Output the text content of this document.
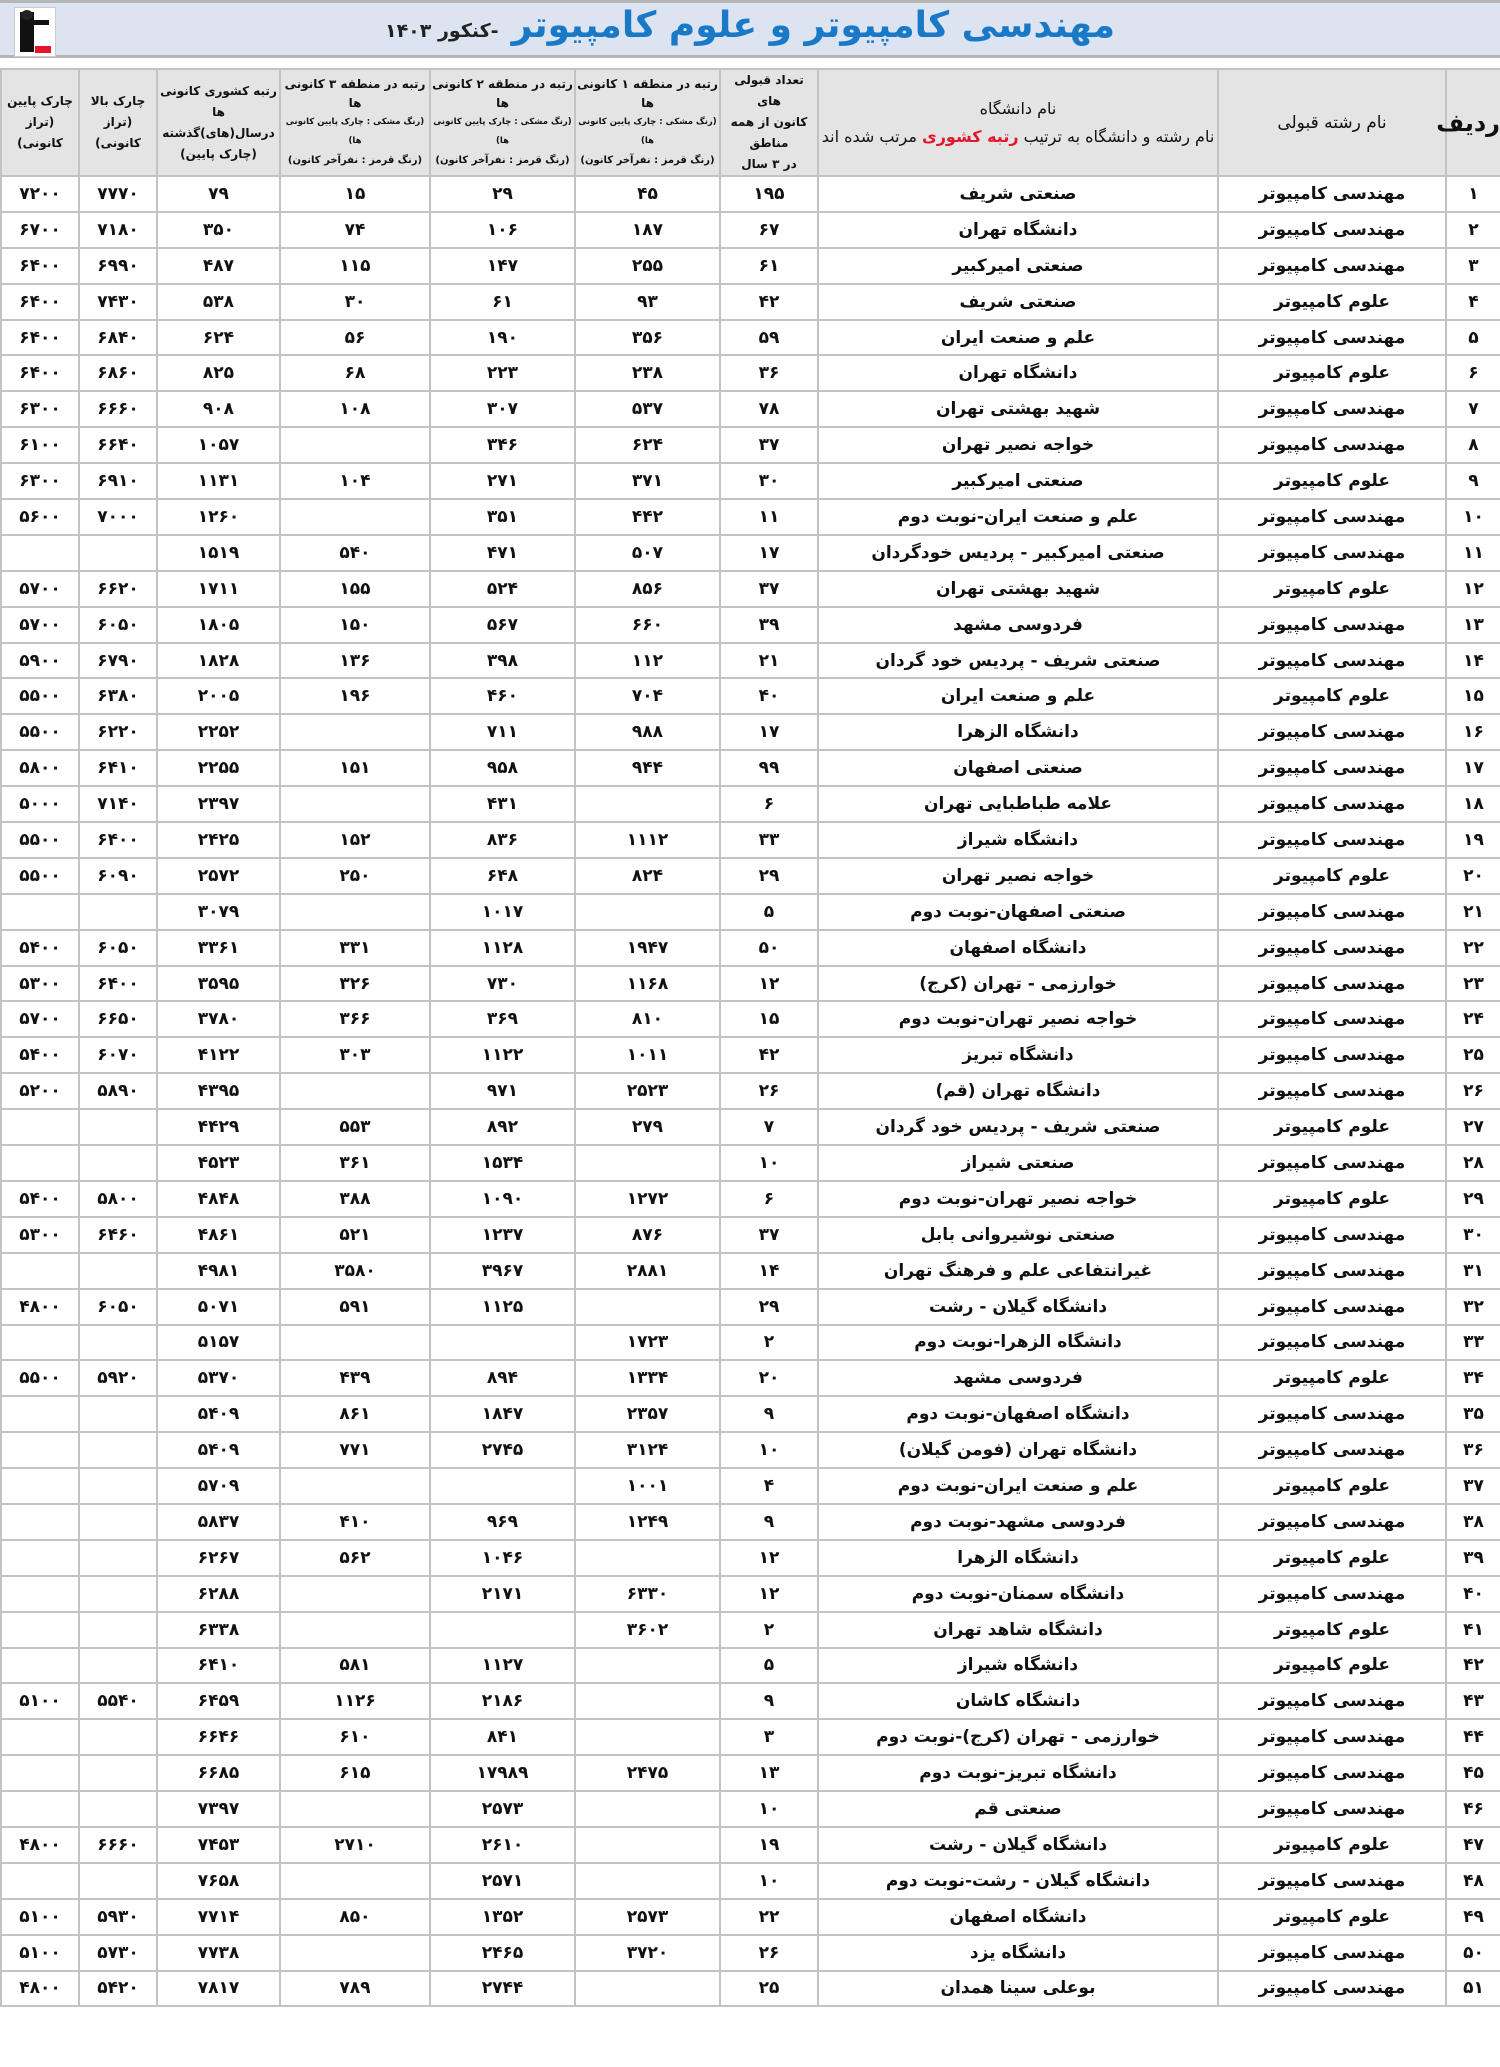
مهندسی کامپیوتر و علوم کامپیوتر -کنکور ۱۴۰۳
ردیف	نام رشته قبولی	
نام دانشگاه
نام رشته و دانشگاه به ترتیب رتبه کشوری مرتب شده اند

تعداد قبولی های
کانون از همه مناطق
در ۳ سال

رتبه در منطقه ۱ کانونی ها
(رنگ مشکی : چارک پایین کانونی ها)
(رنگ قرمز : نفرآخر کانون)

رتبه در منطقه ۲ کانونی ها
(رنگ مشکی : چارک پایین کانونی ها)
(رنگ قرمز : نفرآخر کانون)

رتبه در منطقه ۳ کانونی ها
(رنگ مشکی : چارک پایین کانونی ها)
(رنگ قرمز : نفرآخر کانون)

رتبه کشوری کانونی ها
درسال(های)گذشته
(چارک پایین)

چارک بالا
(تراز کانونی)

چارک پایین
(تراز کانونی)

۱	مهندسی کامپیوتر	صنعتی شریف	۱۹۵	۴۵	۲۹	۱۵	۷۹	۷۷۷۰	۷۲۰۰
۲	مهندسی کامپیوتر	دانشگاه تهران	۶۷	۱۸۷	۱۰۶	۷۴	۳۵۰	۷۱۸۰	۶۷۰۰
۳	مهندسی کامپیوتر	صنعتی امیرکبیر	۶۱	۲۵۵	۱۴۷	۱۱۵	۴۸۷	۶۹۹۰	۶۴۰۰
۴	علوم کامپیوتر	صنعتی شریف	۴۲	۹۳	۶۱	۳۰	۵۳۸	۷۴۳۰	۶۴۰۰
۵	مهندسی کامپیوتر	علم و صنعت ایران	۵۹	۳۵۶	۱۹۰	۵۶	۶۲۴	۶۸۴۰	۶۴۰۰
۶	علوم کامپیوتر	دانشگاه تهران	۳۶	۲۳۸	۲۲۳	۶۸	۸۲۵	۶۸۶۰	۶۴۰۰
۷	مهندسی کامپیوتر	شهید بهشتی تهران	۷۸	۵۳۷	۳۰۷	۱۰۸	۹۰۸	۶۶۶۰	۶۳۰۰
۸	مهندسی کامپیوتر	خواجه نصیر تهران	۳۷	۶۲۴	۳۴۶		۱۰۵۷	۶۶۴۰	۶۱۰۰
۹	علوم کامپیوتر	صنعتی امیرکبیر	۳۰	۳۷۱	۲۷۱	۱۰۴	۱۱۳۱	۶۹۱۰	۶۳۰۰
۱۰	مهندسی کامپیوتر	علم و صنعت ایران-نوبت دوم	۱۱	۴۴۲	۳۵۱		۱۲۶۰	۷۰۰۰	۵۶۰۰
۱۱	مهندسی کامپیوتر	صنعتی امیرکبیر - پردیس خودگردان	۱۷	۵۰۷	۴۷۱	۵۴۰	۱۵۱۹		
۱۲	علوم کامپیوتر	شهید بهشتی تهران	۳۷	۸۵۶	۵۲۴	۱۵۵	۱۷۱۱	۶۶۲۰	۵۷۰۰
۱۳	مهندسی کامپیوتر	فردوسی مشهد	۳۹	۶۶۰	۵۶۷	۱۵۰	۱۸۰۵	۶۰۵۰	۵۷۰۰
۱۴	مهندسی کامپیوتر	صنعتی شریف - پردیس خود گردان	۲۱	۱۱۲	۳۹۸	۱۳۶	۱۸۲۸	۶۷۹۰	۵۹۰۰
۱۵	علوم کامپیوتر	علم و صنعت ایران	۴۰	۷۰۴	۴۶۰	۱۹۶	۲۰۰۵	۶۳۸۰	۵۵۰۰
۱۶	مهندسی کامپیوتر	دانشگاه الزهرا	۱۷	۹۸۸	۷۱۱		۲۲۵۲	۶۲۲۰	۵۵۰۰
۱۷	مهندسی کامپیوتر	صنعتی اصفهان	۹۹	۹۴۴	۹۵۸	۱۵۱	۲۲۵۵	۶۴۱۰	۵۸۰۰
۱۸	مهندسی کامپیوتر	علامه طباطبایی تهران	۶		۴۳۱		۲۳۹۷	۷۱۴۰	۵۰۰۰
۱۹	مهندسی کامپیوتر	دانشگاه شیراز	۳۳	۱۱۱۲	۸۳۶	۱۵۲	۲۴۲۵	۶۴۰۰	۵۵۰۰
۲۰	علوم کامپیوتر	خواجه نصیر تهران	۲۹	۸۲۴	۶۴۸	۲۵۰	۲۵۷۲	۶۰۹۰	۵۵۰۰
۲۱	مهندسی کامپیوتر	صنعتی اصفهان-نوبت دوم	۵		۱۰۱۷		۳۰۷۹		
۲۲	مهندسی کامپیوتر	دانشگاه اصفهان	۵۰	۱۹۴۷	۱۱۲۸	۳۳۱	۳۳۶۱	۶۰۵۰	۵۴۰۰
۲۳	مهندسی کامپیوتر	خوارزمی - تهران (کرج)	۱۲	۱۱۶۸	۷۳۰	۳۲۶	۳۵۹۵	۶۴۰۰	۵۳۰۰
۲۴	مهندسی کامپیوتر	خواجه نصیر تهران-نوبت دوم	۱۵	۸۱۰	۳۶۹	۳۶۶	۳۷۸۰	۶۶۵۰	۵۷۰۰
۲۵	مهندسی کامپیوتر	دانشگاه تبریز	۴۲	۱۰۱۱	۱۱۲۲	۳۰۳	۴۱۲۲	۶۰۷۰	۵۴۰۰
۲۶	مهندسی کامپیوتر	دانشگاه تهران (قم)	۲۶	۲۵۲۳	۹۷۱		۴۳۹۵	۵۸۹۰	۵۲۰۰
۲۷	علوم کامپیوتر	صنعتی شریف - پردیس خود گردان	۷	۲۷۹	۸۹۲	۵۵۳	۴۴۲۹		
۲۸	مهندسی کامپیوتر	صنعتی شیراز	۱۰		۱۵۳۴	۳۶۱	۴۵۲۳		
۲۹	علوم کامپیوتر	خواجه نصیر تهران-نوبت دوم	۶	۱۲۷۲	۱۰۹۰	۳۸۸	۴۸۴۸	۵۸۰۰	۵۴۰۰
۳۰	مهندسی کامپیوتر	صنعتی نوشیروانی بابل	۳۷	۸۷۶	۱۲۳۷	۵۲۱	۴۸۶۱	۶۴۶۰	۵۳۰۰
۳۱	مهندسی کامپیوتر	غیرانتفاعی علم و فرهنگ تهران	۱۴	۲۸۸۱	۳۹۶۷	۳۵۸۰	۴۹۸۱		
۳۲	مهندسی کامپیوتر	دانشگاه گیلان - رشت	۲۹		۱۱۲۵	۵۹۱	۵۰۷۱	۶۰۵۰	۴۸۰۰
۳۳	مهندسی کامپیوتر	دانشگاه الزهرا-نوبت دوم	۲	۱۷۲۳			۵۱۵۷		
۳۴	علوم کامپیوتر	فردوسی مشهد	۲۰	۱۳۳۴	۸۹۴	۴۳۹	۵۳۷۰	۵۹۲۰	۵۵۰۰
۳۵	مهندسی کامپیوتر	دانشگاه اصفهان-نوبت دوم	۹	۲۳۵۷	۱۸۴۷	۸۶۱	۵۴۰۹		
۳۶	مهندسی کامپیوتر	دانشگاه تهران (فومن گیلان)	۱۰	۳۱۲۴	۲۷۴۵	۷۷۱	۵۴۰۹		
۳۷	علوم کامپیوتر	علم و صنعت ایران-نوبت دوم	۴	۱۰۰۱			۵۷۰۹		
۳۸	مهندسی کامپیوتر	فردوسی مشهد-نوبت دوم	۹	۱۲۴۹	۹۶۹	۴۱۰	۵۸۳۷		
۳۹	علوم کامپیوتر	دانشگاه الزهرا	۱۲		۱۰۴۶	۵۶۲	۶۲۶۷		
۴۰	مهندسی کامپیوتر	دانشگاه سمنان-نوبت دوم	۱۲	۶۳۳۰	۲۱۷۱		۶۲۸۸		
۴۱	علوم کامپیوتر	دانشگاه شاهد تهران	۲	۳۶۰۲			۶۳۳۸		
۴۲	علوم کامپیوتر	دانشگاه شیراز	۵		۱۱۲۷	۵۸۱	۶۴۱۰		
۴۳	مهندسی کامپیوتر	دانشگاه کاشان	۹		۲۱۸۶	۱۱۲۶	۶۴۵۹	۵۵۴۰	۵۱۰۰
۴۴	مهندسی کامپیوتر	خوارزمی - تهران (کرج)-نوبت دوم	۳		۸۴۱	۶۱۰	۶۶۴۶		
۴۵	مهندسی کامپیوتر	دانشگاه تبریز-نوبت دوم	۱۳	۲۴۷۵	۱۷۹۸۹	۶۱۵	۶۶۸۵		
۴۶	مهندسی کامپیوتر	صنعتی قم	۱۰		۲۵۷۳		۷۳۹۷		
۴۷	علوم کامپیوتر	دانشگاه گیلان - رشت	۱۹		۲۶۱۰	۲۷۱۰	۷۴۵۳	۶۶۶۰	۴۸۰۰
۴۸	مهندسی کامپیوتر	دانشگاه گیلان - رشت-نوبت دوم	۱۰		۲۵۷۱		۷۶۵۸		
۴۹	علوم کامپیوتر	دانشگاه اصفهان	۲۲	۲۵۷۳	۱۳۵۲	۸۵۰	۷۷۱۴	۵۹۳۰	۵۱۰۰
۵۰	مهندسی کامپیوتر	دانشگاه یزد	۲۶	۳۷۲۰	۲۴۶۵		۷۷۳۸	۵۷۳۰	۵۱۰۰
۵۱	مهندسی کامپیوتر	بوعلی سینا همدان	۲۵		۲۷۴۴	۷۸۹	۷۸۱۷	۵۴۲۰	۴۸۰۰
